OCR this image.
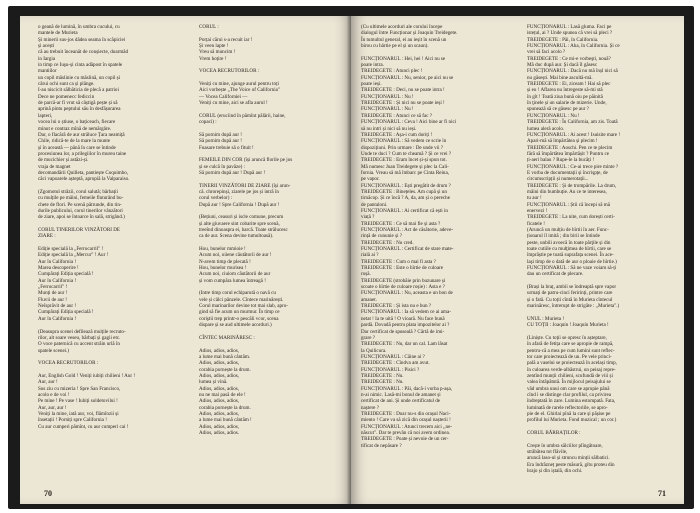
o geană de lumină, în umbra cucului, cu
mantele de Murieta
Și minerii sus-jos dădea seama în scăpiciei
și acești
că au trebuit înceanăt de conșiecte, doarmăd
in Iargia
in timp ce Iuşu-și cinta adăpost în spatele
mantiilor
un copil măslinie cu măslină, un copil și
cărui ochi sunt ca și plânge.
I-au niscicit sălbăticia de plecă a patrioi
Dece ne pomenecc fediccin
de parcă-ar fi vrut să câștigă pește și să
aprină pintu peptului său în desfășurarea
lapteri,
vocea lui o știuse, o bațiceach, fiecare
minut e contraz mînă de nemărgâre.
Dar, o flacără de aur străluce Țara neamiță
Chile, ridică-te de la mare la munte
și în această — până în care se întinde
procesiunea lor, a prilegiilor în mureu taine
de mucichier și astăzi-și.
vraja de magnet
decomandării Quilleta, pantiește Coquimbo,
căci vapoarele așteptă, apropiă la Valparaiso.
(Zgomotul străzii, corul salută; bărbații
cu mulțile pe mâini, femeile fluturând bu-
chete de flori. Pe scenă pătrunde, din tin-
durile publicului, corul tinerilor vânzători
de ziare, apoi se întoarce în sală, strigând.)
CORUL TINERILOR VINZĂTORI DE
ZIARE :
Ediție specială la „Ferrocarril" !
Ediție specială la „Mercur" ! Aur !
Aur în California !
Marea descoperire !
Cumpărați Ediția specială !
Aur în California !
„Ferrocarril" !
Munți de aur !
Fluvii de aur !
Neîsprăvit de aur !
Cumpărați Ediția specială !
Aur în California !
(Deasupra scenei defilează mulțile recruto-
rilor, alt soare veseu, bărbați și gagii etc.
O voce paternică cu accent străin urlă în
spatele scenei.)
VOCEA RECRUTORILOR :
Aur, English Gold ! Veniți iubiți chilieni ! Aur !
Aur, aur !
Sus ziu cu mizeria ! Spre San Francisco,
acolo e de voi !
Pe mine ! Pe vase ! Iubiți soldetovilui !
Aur, aur, aur !
Veniți la mine, iată aur, voi, flămînzii și
însetații ! Porniți spre California !
Cu aur cumperi pămînt, cu aur cumperi cai !
CORUL :
Porțai cărui s-a recuit iar !
Și veen lapte !
Vreu să muncim !
Vrem hoțire !
VOCEA RECRUTORILOR :
Veniți cu mine, ajunge aurul pentru toți
Aici vorbește „The Voice of California"
— Vocea Californiei —
Veniți cu mine, aici se afla aurul !
CORUL (eruciind în pămînt pălării, haine,
copaci) :
Să pornim după aur !
Să pornim după aur !
Fuasare trebuie să o fituit !
FEMEILE DIN COR (își aruncă florile pe jos
și se culcă în pavăze) :
Să pornim după aur ! După aur !
TINERII VINZĂTORI DE ZIARE (își arun-
că. chrorepinși, ziarele pe jos și intră în
corul verbelor) :
După aur ! Spre California ! După aur !
(Bețiuni, ceasuri și iscle comune, precum
și alte giuvaere sint cobarite spre scenă,
treeînd dinoaspra ei, barcă. Toate strălucesc
ca de aur. Scena devine tumultoasă).
Hou, bunelor mmioie !
Acum noi, oiiene câutătorii de aur !
N-avem timp de plecată !
Hou, bunelor murisea !
Acum noi, ciuiom căutătorii de aur
și vom cumpăra lumea întreagă !
(Intre timp corul echiparută o navă cu
vele și câlci pânzele. Cîntece marinărești.
Corul marinarilor devine tot mai slab, apro-
gind să fie acum un murmur. În timp ce
coriştii trep printr-o pescăli vcor, scena
dispare și se aud ultimele acorduri.)
CÎNTEC MARINĂRESC :
Adios, adios, adios,
a lume mai bună cântăm.
Adios, adios, adios,
corabia pornește la drum.
Adios, adios, adios,
lumea și vină.
Adios, adios, adios,
nu ne mai pasă de ele !
Adios, adios, adios,
corabia pornește la drum.
Adios, adios, adios,
a lume mai bună cântăm !
Adios, adios, adios,
Adios, adios, adios.
70
(Cu ultimele acorduri ale corului începe
dialogul între Funcționar și Joaquín Treidegete.
În tumultul general, ei au ieșit în scenă un
birou cu hârtie pe el și un scaun).
FUNCȚIONARUL : Hei, hei ! Aici nu se
poate intra.
TREIDEGETE : Atunci plec !
FUNCȚIONARUL : Nu, senior, pe aici nu se
poate ieși.
TREIDEGETE : Deci, nu se poate intra !
FUNCȚIONARUL : Nu !
TREIDEGETE : Și nici nu se poate ieși !
FUNCȚIONARUL : Nu !
TREIDEGETE : Atunci ce să fac ?
FUNCȚIONARUL : Ceva ! Aici bine ar fi nici
să nu intri și nici să nu ieși.
TREIDEGETE : Așa-i cum doriți !
FUNCȚIONARUL : Să vedem ce scrie în
dispozițiuni. Prin urmare : De unde vii ?
Unde te duci ? Cum te cheamă ? Și ce vrei ?
TREIDEGETE : Eram încet și-și spun tot.
Mă numesc Juan Treidegete și plec la Cali-
fornia. Vreau să mă îmbarc pe Cinta Reina,
pe vapor.
FUNCȚIONARUL : Ești pregătit de drum ?
TREIDEGETE : Binețeles. Am cupă și un
tirnăcop. Și ce încă ? A, da, am și o pereche
de pantaloni.
FUNCȚIONARUL : Ai certificat că ești in
viață ?
TREIDEGETE : Ce să mai fie și asta ?
FUNCȚIONARUL : Act de căsătorie, adeve-
rință de cununie și ?
TREIDEGETE : Nu cred.
FUNCȚIONARUL : Certificat de stare mate-
rială ai ?
TREIDEGETE : Cum o mai fi asta ?
TREIDEGETE : Este o hîrtie de culoare
roșă.
TREIDEGETE (strobăie prin buzunare și
scoate o hîrtie de culoare roșie) : Asta e ?
FUNCȚIONARUL : Nu, aceasta e un bon de
amanet.
TREIDEGETE : Și ista nu e bun ?
FUNCȚIONARUL : Ia să vedem ce ai ama-
netat ! Ia te uită ! O vioară. Nu face bună
pardă. Dovadă pentru plata impozitelor ai ?
Dar certificat de spuseală ? Cârtă de imi-
grare ?
TREIDEGETE : Nu, dar un cal. Lam lăsat
la Quilicura.
FUNCȚIONARUL : Câine ai ?
TREIDEGETE : Cîndva am avut.
FUNCȚIONARUL : Pisici ?
TREIDEGETE : Nu.
TREIDEGETE : Nu.
FUNCȚIONARUL : Păi, dacă-i vorba p-așa,
n-ai nimic. Lasă-mi bonul de amanet și
certificat de ani. Și unde certificatul de
naștere ?
TREIDEGETE : Doar nu-s din orașul Naci-
miento ! Care va să zică din orașul nașterii !
FUNCȚIONARUL : Atunci trecem aici ,,ne-
născut". Dar te prevăn că noi avem ordinea.
TREIDEGETE : Poate și nevoie de un cer-
tificat de nepăsare ?
FUNCȚIONARUL : Lasă gluma. Faci pe
istețul, ai ? Unde spunea că vrei să pleci ?
TREIDEGETE : Păi, în California.
FUNCȚIONARUL : Aha, în California. Și ce
vrei să faci acolo ?
TREIDEGETE : Ce mi-e vorbeşti, nouă?
Mă duc după aur. Și dacă îl găsesc
FUNCȚIONARUL : Dacă nu mă înșl nici să
nu găsești. Mai bine ascultă-mă.
TREIDEGETE : Ei, ziceam ! Hai să plec
și eu ! Aflarea nu întregeste să-mi stă
în gît ! Toată ziua bună oiu pe păinită
în ţinele și un salarie de mizerie. Unde,
spunează să ce găsesc pe aur ?
FUNCȚIONARUL : Nu !
TREIDEGETE : În California, am zis. Toată
lumea aleră acolo.
FUNCȚIONARUL : Ai acest ! Isuisite mare !
Apari-mă să împărtătea și plecim !
TREIDEGETE : Aoschi. Pen ce te plecim
fără să împărtătea împărtășit ? Puntru ce
ți-aeri balau ? Rupe-le la bucăți !
FUNCȚIONARUL : Ce-ai trece pire minte ?
E vorba de documentații și încrișpțe, de
circumscripții și numerotații...
TREIDEGETE : Și de trompările. La drum,
mâini din bumbuție. Au ce te interesea,
tu aur !
FUNCȚIONARUL : Știi că începi să mă
enervezi !
TREIDEGETE : La nite, cum dorești certi-
ficatele !
(Aruncă un mulțiu de hîrtii în aer. Func-
ționarul îl imită ; din birii se întinde
peste, unbili avoecă în toate părţile și din
toate cutiile cu mulţimea de hîrtii, care se
împrăștie pe toată suprafața scenei. În ace-
laşi timp de o dată de aur o ploaie de hîrtie.)
FUNCȚIONARUL : Să ne vaze voiam să-ți
dau un certificat de plecare.
(Brași la braț, ambii se îndreaptă spre vapor
urmați de patru-cinci feririnți, printre care
și o fată. Cu toții cîntă în Murieta cîntecul
marinăresc, întrerupt de strigăte : „Murieta".)
UNUL : Murieta !
CU TOȚII : Joaquín ! Joaquín Murieta !
(Liniște. Cu toții se opresc în așteptare,
în afară de fetița care se apropie de rampă,
pentru-că a mea pe cum lumini sunt reflec-
tor care proiectează de un. Pe vele princi-
pală a vaselui se proiectează în același timp,
în culoarea verde-albăstrui, un peisaj repre-
zentînd munții chilieni, scufundă de viii și
valea întâpătută. În mijlocul peisajului se
văd umbra unui om care se apropie până
cînd i se distinge clar profilul, ca privirea
îndreptată în zare. Lumina estompată. Fata,
luminată de rarele reflectoriile, se apro-
pie de el. Ghirlai pînă la care și pășise pe
profilul lui Murieta. Fond muzical ; un cor.)
CORUL BĂRBAȚILOR :
Crește în umbra sălciilor plîngătoare,
străbătea tot flăvile,
aruncă laso-ul și struncu minții sălbatici.
Era îndrăzneț peste măsură, gîtu proteu din
hrajo și din iștală, din ochi.
71
